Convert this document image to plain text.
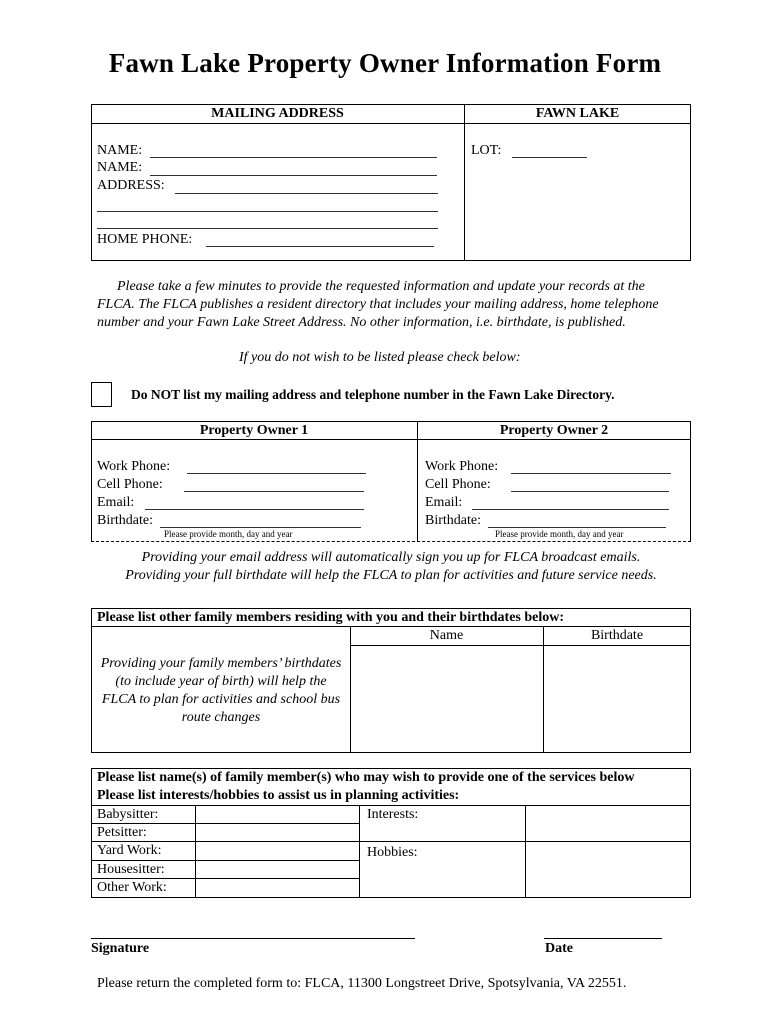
Fawn Lake Property Owner Information Form
MAILING ADDRESS	FAWN LAKE
NAME:
NAME:
ADDRESS:
HOME PHONE:
LOT:
Please take a few minutes to provide the requested information and update your records at the FLCA. The FLCA publishes a resident directory that includes your mailing address, home telephone number and your Fawn Lake Street Address. No other information, i.e. birthdate, is published.
If you do not wish to be listed please check below:
Do NOT list my mailing address and telephone number in the Fawn Lake Directory.
Property Owner 1	Property Owner 2
Work Phone:
Cell Phone:
Email:
Birthdate:
Please provide month, day and year
Work Phone:
Cell Phone:
Email:
Birthdate:
Please provide month, day and year
Providing your email address will automatically sign you up for FLCA broadcast emails.
Providing your full birthdate will help the FLCA to plan for activities and future service needs.
Please list other family members residing with you and their birthdates below:
Name	Birthdate
Providing your family members’ birthdates (to include year of birth) will help the FLCA to plan for activities and school bus route changes
Please list name(s) of family member(s) who may wish to provide one of the services below
Please list interests/hobbies to assist us in planning activities:
Babysitter:
Petsitter:
Yard Work:
Housesitter:
Other Work:
Interests:
Hobbies:
Signature	Date
Please return the completed form to: FLCA, 11300 Longstreet Drive, Spotsylvania, VA 22551.
